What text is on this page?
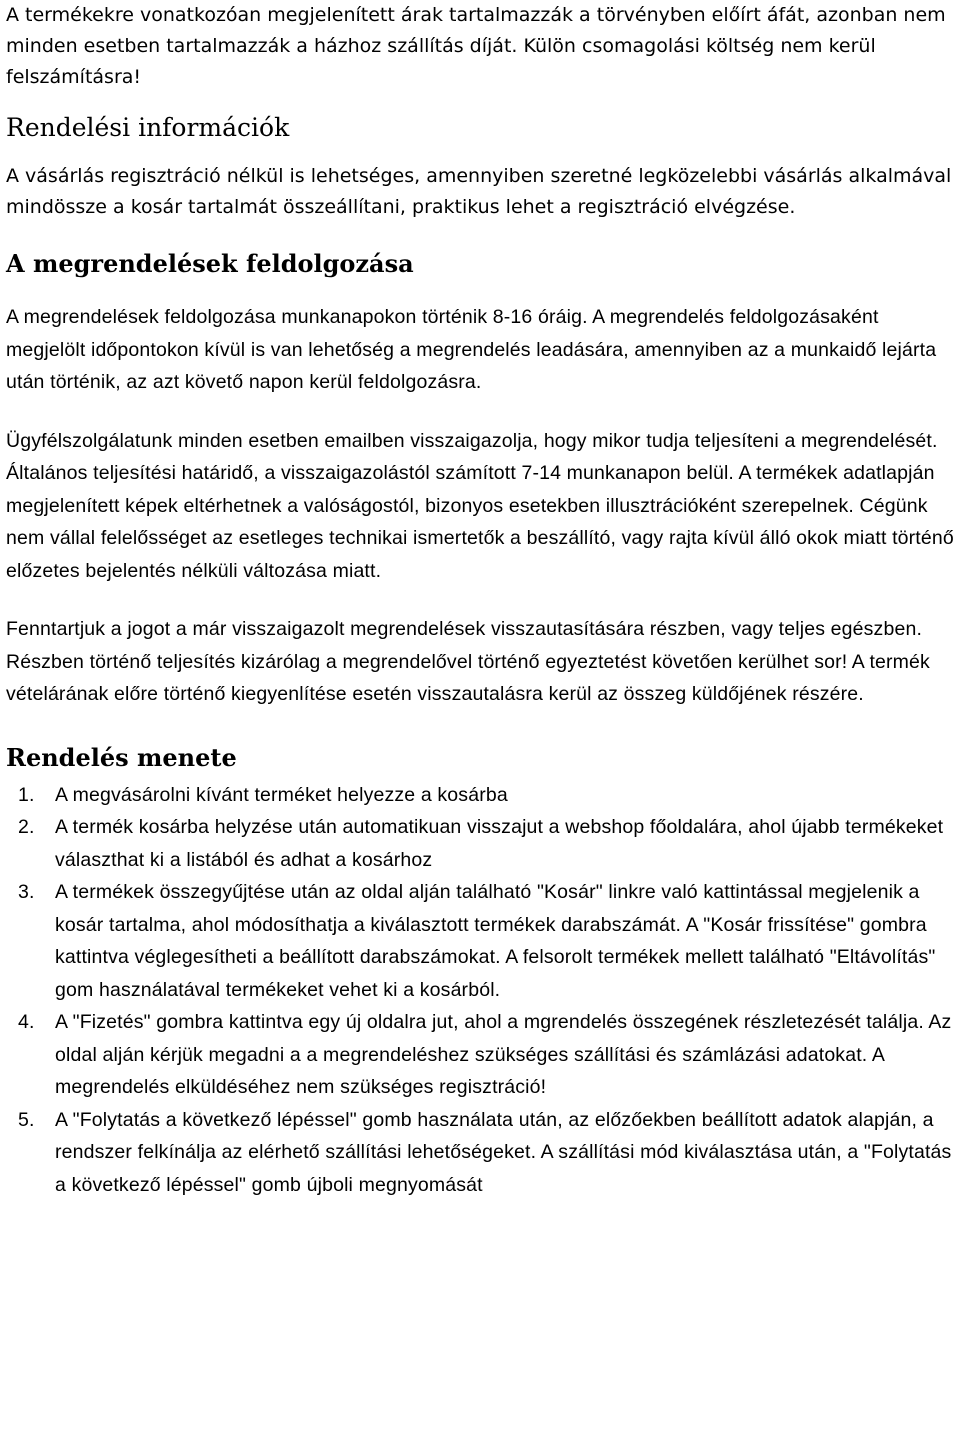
A termékekre vonatkozóan megjelenített árak tartalmazzák a törvényben előírt áfát, azonban nem minden esetben tartalmazzák a házhoz szállítás díját. Külön csomagolási költség nem kerül felszámításra!

Rendelési információk

A vásárlás regisztráció nélkül is lehetséges, amennyiben szeretné legközelebbi vásárlás alkalmával mindössze a kosár tartalmát összeállítani, praktikus lehet a regisztráció elvégzése.

A megrendelések feldolgozása

A megrendelések feldolgozása munkanapokon történik 8-16 óráig. A megrendelés feldolgozásaként megjelölt időpontokon kívül is van lehetőség a megrendelés leadására, amennyiben az a munkaidő lejárta után történik, az azt követő napon kerül feldolgozásra.

Ügyfélszolgálatunk minden esetben emailben visszaigazolja, hogy mikor tudja teljesíteni a megrendelését. Általános teljesítési határidő, a visszaigazolástól számított 7-14 munkanapon belül. A termékek adatlapján megjelenített képek eltérhetnek a valóságostól, bizonyos esetekben illusztrációként szerepelnek. Cégünk nem vállal felelősséget az esetleges technikai ismertetők a beszállító, vagy rajta kívül álló okok miatt történő előzetes bejelentés nélküli változása miatt.

Fenntartjuk a jogot a már visszaigazolt megrendelések visszautasítására részben, vagy teljes egészben. Részben történő teljesítés kizárólag a megrendelővel történő egyeztetést követően kerülhet sor! A termék vételárának előre történő kiegyenlítése esetén visszautalásra kerül az összeg küldőjének részére.

Rendelés menete
1. A megvásárolni kívánt terméket helyezze a kosárba
2. A termék kosárba helyzése után automatikuan visszajut a webshop főoldalára, ahol újabb termékeket választhat ki a listából és adhat a kosárhoz
3. A termékek összegyűjtése után az oldal alján található "Kosár" linkre való kattintással megjelenik a kosár tartalma, ahol módosíthatja a kiválasztott termékek darabszámát. A "Kosár frissítése" gombra kattintva véglegesítheti a beállított darabszámokat. A felsorolt termékek mellett található "Eltávolítás" gom használatával termékeket vehet ki a kosárból.
4. A "Fizetés" gombra kattintva egy új oldalra jut, ahol a mgrendelés összegének részletezését találja. Az oldal alján kérjük megadni a a megrendeléshez szükséges szállítási és számlázási adatokat. A megrendelés elküldéséhez nem szükséges regisztráció!
5. A "Folytatás a következő lépéssel" gomb használata után, az előzőekben beállított adatok alapján, a rendszer felkínálja az elérhető szállítási lehetőségeket. A szállítási mód kiválasztása után, a "Folytatás a következő lépéssel" gomb újboli megnyomását
